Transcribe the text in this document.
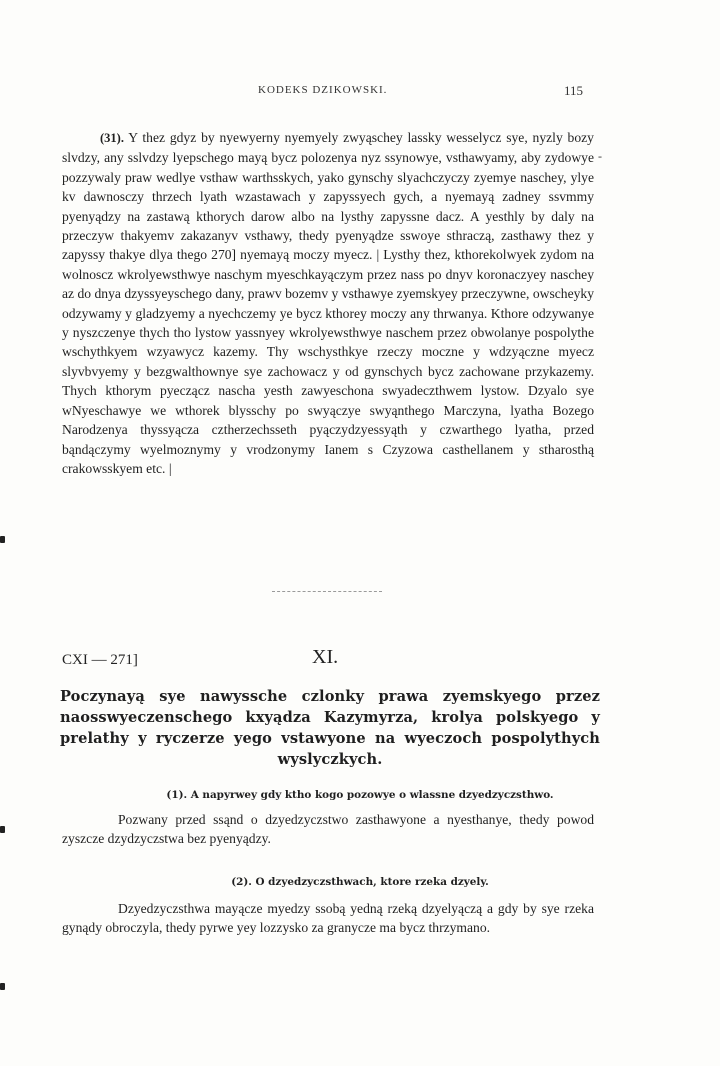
-
KODEKS DZIKOWSKI.	115
(31). Y thez gdyz by nyewyerny nyemyely zwyąschey lassky wesselycz sye, nyzly bozy slvdzy, any sslvdzy lyepschego mayą bycz polozenya nyz ssynowye, vsthawyamy, aby zydowye pozzywaly praw wedlye vsthaw warthsskych, yako gynschy slyachczyczy zyemye naschey, ylye kv dawnosczy thrzech lyath wzastawach y zapyssyech gych, a nyemayą zadney ssvmmy pyenyądzy na zastawą kthorych darow albo na lysthy zapyssne dacz. A yesthly by daly na przeczyw thakyemv zakazanyv vsthawy, thedy pyenyądze sswoye sthraczą, zasthawy thez y zapyssy thakye dlya thego 270] nyemayą moczy myecz. | Lysthy thez, kthorekolwyek zydom na wolnoscz wkrolyewsthwye naschym myeschkayączym przez nass po dnyv koronaczyey naschey az do dnya dzyssyeyschego dany, prawv bozemv y vsthawye zyemskyey przeczywne, owscheyky odzywamy y gladzyemy a nyechczemy ye bycz kthorey moczy any thrwanya. Kthore odzywanye y nyszczenye thych tho lystow yassnyey wkrolyewsthwye naschem przez obwolanye pospolythe wschythkyem wzyawycz kazemy. Thy wschysthkye rzeczy moczne y wdzyączne myecz slyvbvyemy y bezgwalthownye sye zachowacz y od gynschych bycz zachowane przykazemy. Thych kthorym pyeczącz nascha yesth zawyeschona swyadeczthwem lystow. Dzyalo sye wNyeschawye we wthorek blysschy po swyączye swyąnthego Marczyna, lyatha Bozego Narodzenya thyssyącza cztherzechsseth pyączydzyessyąth y czwarthego lyatha, przed bąndączymy wyelmoznymy y vrodzonymy Ianem s Czyzowa casthellanem y stharosthą crakowsskyem etc. |
CXI — 271]	XI.
Poczynayą sye nawyssche czlonky prawa zyemskyego przez naosswyeczenschego kxyądza Kazymyrza, krolya polskyego y prelathy y ryczerze yego vstawyone na wyeczoch pospolythych wyslyczkych.
(1). A napyrwey gdy ktho kogo pozowye o wlassne dzyedzyczsthwo.
Pozwany przed ssąnd o dzyedzyczstwo zasthawyone a nyesthanye, thedy powod zyszcze dzydzyczstwa bez pyenyądzy.
(2). O dzyedzyczsthwach, ktore rzeka dzyely.
Dzyedzyczsthwa mayącze myedzy ssobą yedną rzeką dzyelyączą a gdy by sye rzeka gynądy obroczyla, thedy pyrwe yey lozzysko za granycze ma bycz thrzymano.
